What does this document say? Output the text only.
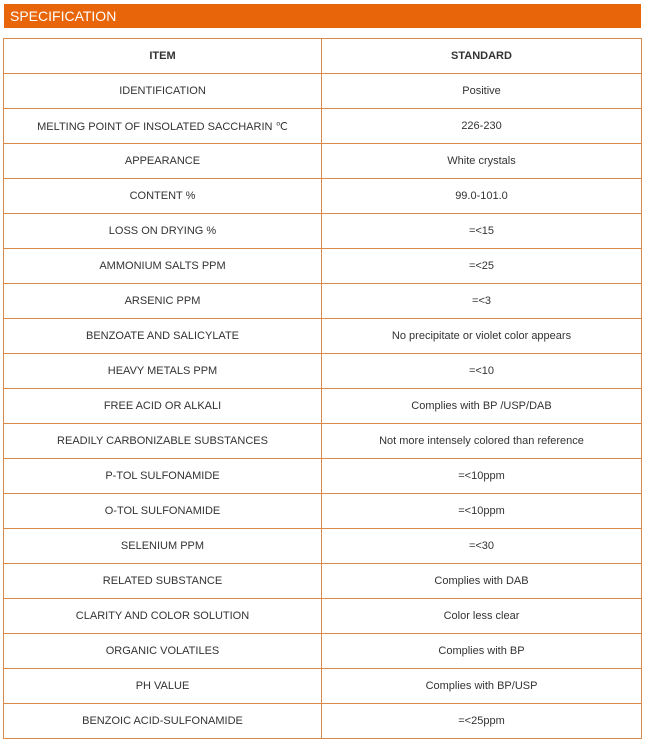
SPECIFICATION
ITEM	STANDARD
IDENTIFICATION	Positive
MELTING POINT OF INSOLATED SACCHARIN ℃	226-230
APPEARANCE	White crystals
CONTENT %	99.0-101.0
LOSS ON DRYING %	=<15
AMMONIUM SALTS PPM	=<25
ARSENIC PPM	=<3
BENZOATE AND SALICYLATE	No precipitate or violet color appears
HEAVY METALS PPM	=<10
FREE ACID OR ALKALI	Complies with BP /USP/DAB
READILY CARBONIZABLE SUBSTANCES	Not more intensely colored than reference
P-TOL SULFONAMIDE	=<10ppm
O-TOL SULFONAMIDE	=<10ppm
SELENIUM PPM	=<30
RELATED SUBSTANCE	Complies with DAB
CLARITY AND COLOR SOLUTION	Color less clear
ORGANIC VOLATILES	Complies with BP
PH VALUE	Complies with BP/USP
BENZOIC ACID-SULFONAMIDE	=<25ppm
